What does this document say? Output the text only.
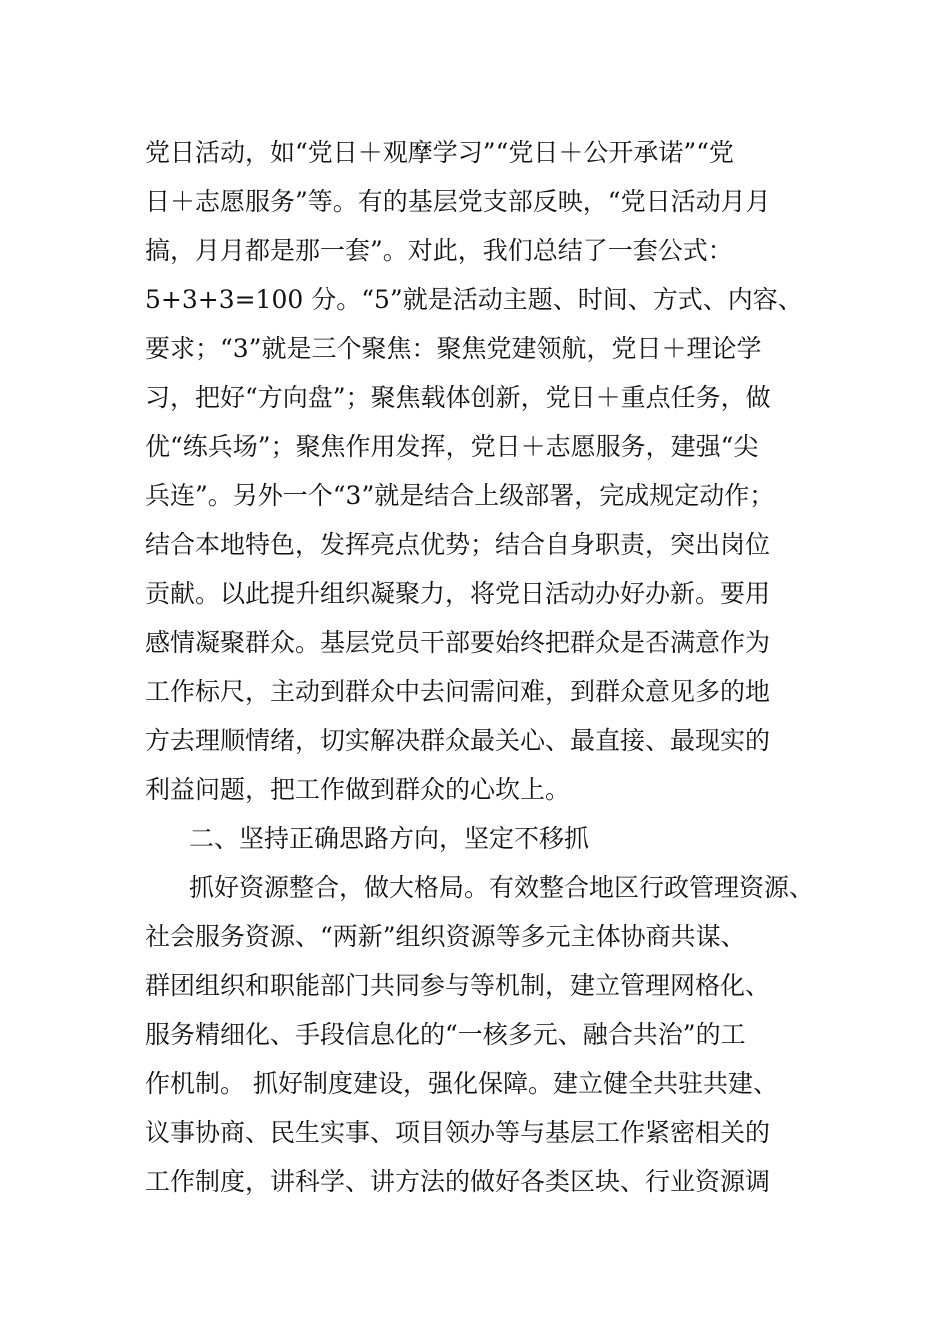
党日活动，如“党日＋观摩学习”“党日＋公开承诺”“党
日＋志愿服务”等。有的基层党支部反映，“党日活动月月
搞，月月都是那一套”。对此，我们总结了一套公式：
5+3+3=100 分。“5”就是活动主题、时间、方式、内容、
要求；“3”就是三个聚焦：聚焦党建领航，党日＋理论学
习，把好“方向盘”；聚焦载体创新，党日＋重点任务，做
优“练兵场”；聚焦作用发挥，党日＋志愿服务，建强“尖
兵连”。另外一个“3”就是结合上级部署，完成规定动作；
结合本地特色，发挥亮点优势；结合自身职责，突出岗位
贡献。以此提升组织凝聚力，将党日活动办好办新。要用
感情凝聚群众。基层党员干部要始终把群众是否满意作为
工作标尺，主动到群众中去问需问难，到群众意见多的地
方去理顺情绪，切实解决群众最关心、最直接、最现实的
利益问题，把工作做到群众的心坎上。
二、坚持正确思路方向，坚定不移抓
抓好资源整合，做大格局。有效整合地区行政管理资源、
社会服务资源、“两新”组织资源等多元主体协商共谋、
群团组织和职能部门共同参与等机制，建立管理网格化、
服务精细化、手段信息化的“一核多元、融合共治”的工
作机制。 抓好制度建设，强化保障。建立健全共驻共建、
议事协商、民生实事、项目领办等与基层工作紧密相关的
工作制度，讲科学、讲方法的做好各类区块、行业资源调
